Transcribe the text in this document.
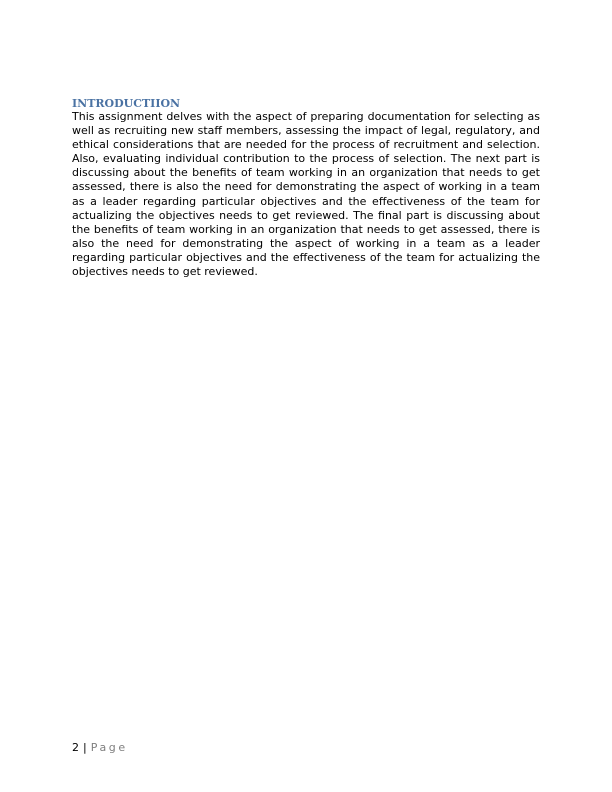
INTRODUCTIION

This assignment delves with the aspect of preparing documentation for selecting as well as recruiting new staff members, assessing the impact of legal, regulatory, and ethical considerations that are needed for the process of recruitment and selection. Also, evaluating individual contribution to the process of selection. The next part is discussing about the benefits of team working in an organization that needs to get assessed, there is also the need for demonstrating the aspect of working in a team as a leader regarding particular objectives and the effectiveness of the team for actualizing the objectives needs to get reviewed. The final part is discussing about the benefits of team working in an organization that needs to get assessed, there is also the need for demonstrating the aspect of working in a team as a leader regarding particular objectives and the effectiveness of the team for actualizing the objectives needs to get reviewed.

2 | Page
